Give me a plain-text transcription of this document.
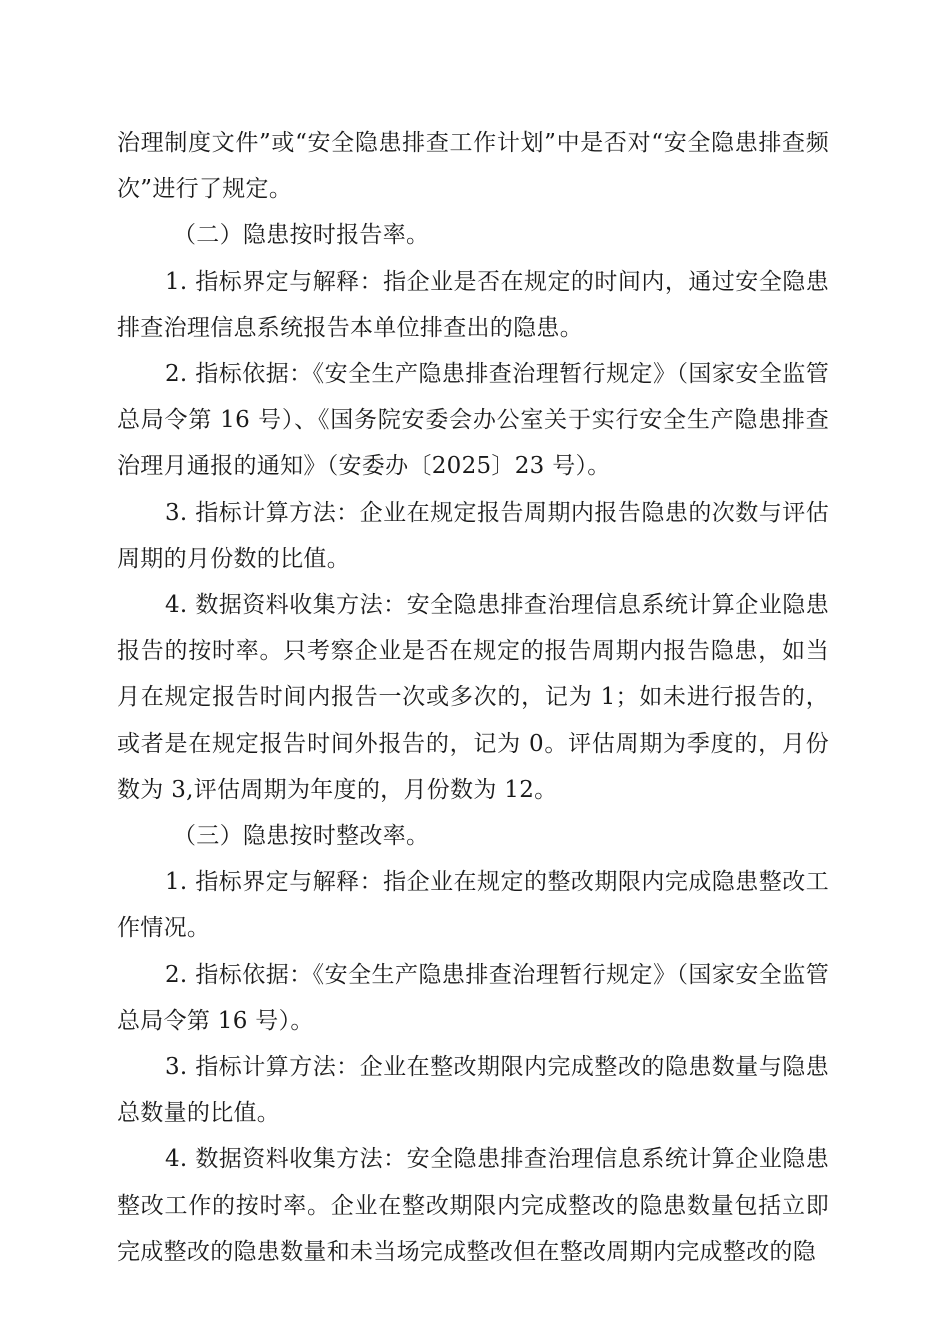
治理制度文件”或“安全隐患排查工作计划”中是否对“安全隐患排查频次”进行了规定。

（二）隐患按时报告率。

1. 指标界定与解释：指企业是否在规定的时间内，通过安全隐患排查治理信息系统报告本单位排查出的隐患。

2. 指标依据：《安全生产隐患排查治理暂行规定》（国家安全监管总局令第 16 号）、《国务院安委会办公室关于实行安全生产隐患排查治理月通报的通知》（安委办〔2025〕23 号）。

3. 指标计算方法：企业在规定报告周期内报告隐患的次数与评估周期的月份数的比值。

4. 数据资料收集方法：安全隐患排查治理信息系统计算企业隐患报告的按时率。只考察企业是否在规定的报告周期内报告隐患，如当月在规定报告时间内报告一次或多次的，记为 1；如未进行报告的，或者是在规定报告时间外报告的，记为 0。评估周期为季度的，月份数为 3,评估周期为年度的，月份数为 12。

（三）隐患按时整改率。

1. 指标界定与解释：指企业在规定的整改期限内完成隐患整改工作情况。

2. 指标依据：《安全生产隐患排查治理暂行规定》（国家安全监管总局令第 16 号）。

3. 指标计算方法：企业在整改期限内完成整改的隐患数量与隐患总数量的比值。

4. 数据资料收集方法：安全隐患排查治理信息系统计算企业隐患整改工作的按时率。企业在整改期限内完成整改的隐患数量包括立即完成整改的隐患数量和未当场完成整改但在整改周期内完成整改的隐
